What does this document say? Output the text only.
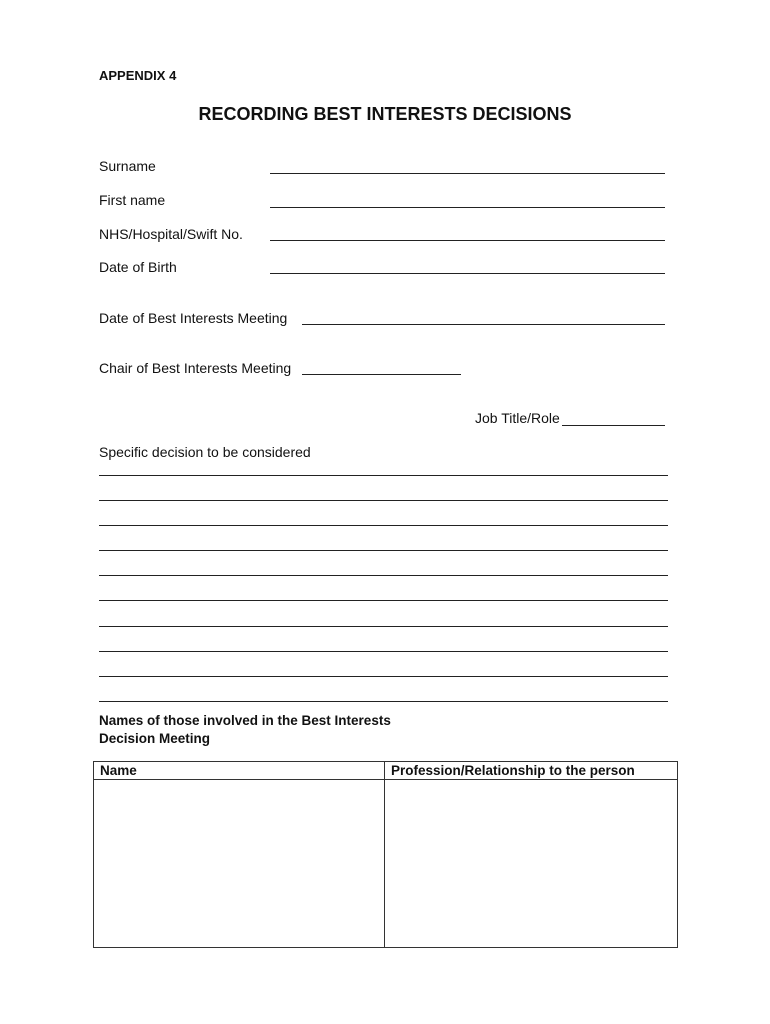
APPENDIX 4
RECORDING BEST INTERESTS DECISIONS
Surname
First name
NHS/Hospital/Swift No.
Date of Birth
Date of Best Interests Meeting
Chair of Best Interests Meeting
Job Title/Role
Specific decision to be considered
Names of those involved in the Best Interests
Decision Meeting
Name	Profession/Relationship to the person
